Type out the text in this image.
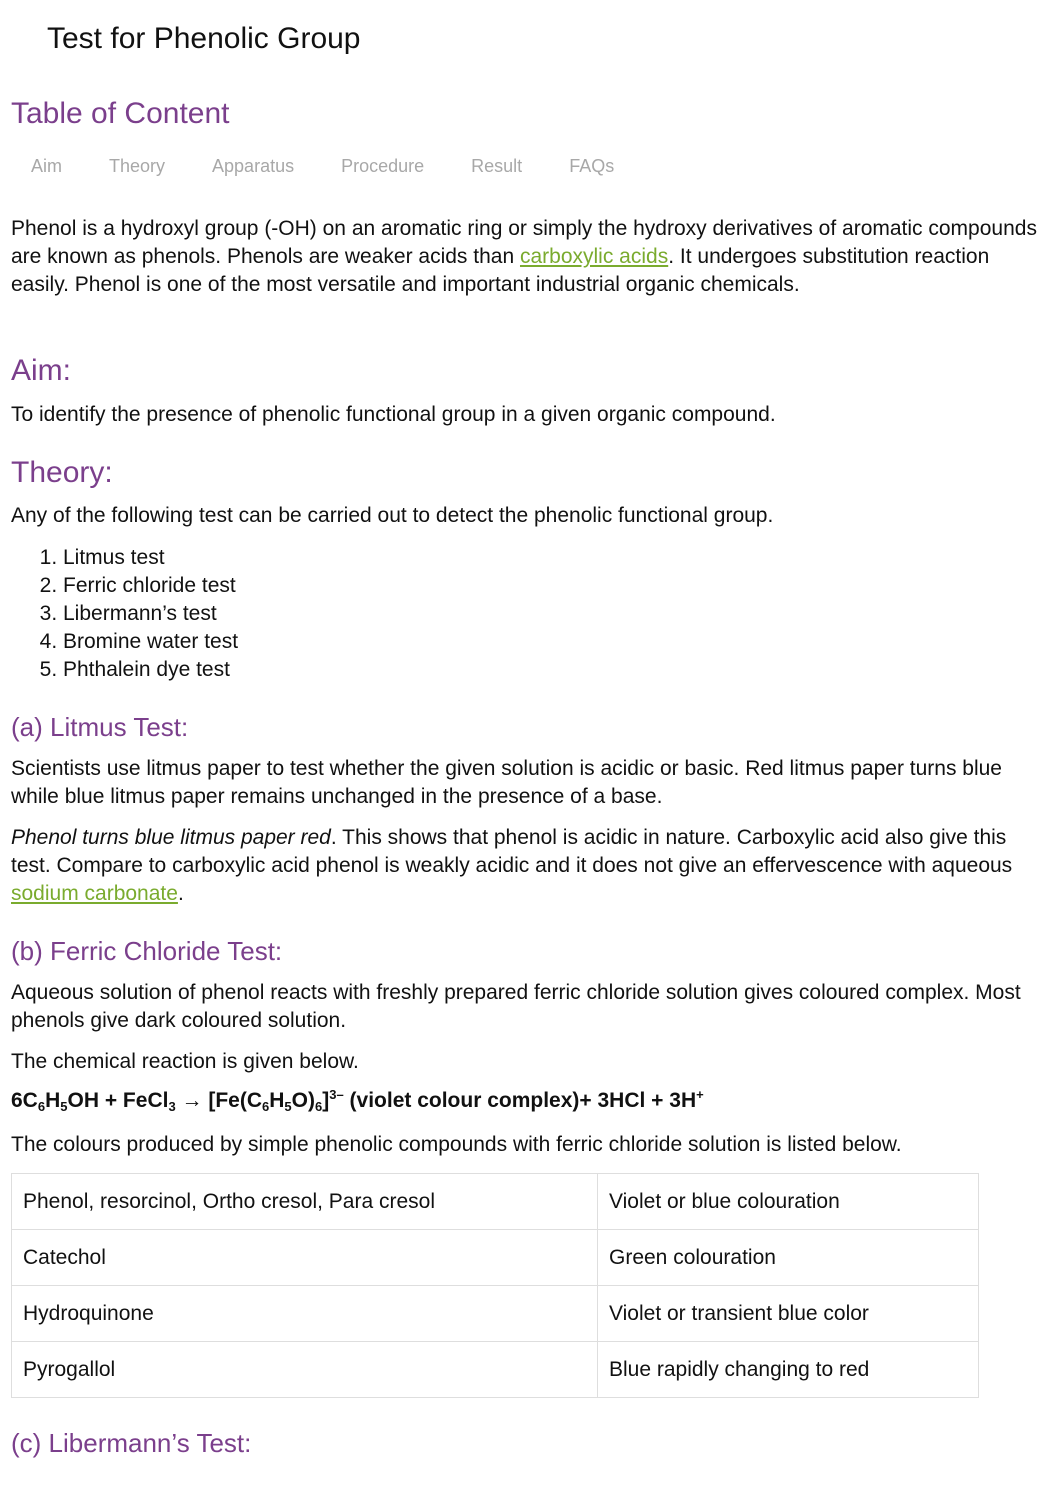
Test for Phenolic Group
Table of Content
Aim	Theory	Apparatus	Procedure	Result	FAQs

Phenol is a hydroxyl group (-OH) on an aromatic ring or simply the hydroxy derivatives of aromatic compounds are known as phenols. Phenols are weaker acids than carboxylic acids. It undergoes substitution reaction easily. Phenol is one of the most versatile and important industrial organic chemicals.

Aim:

To identify the presence of phenolic functional group in a given organic compound.

Theory:

Any of the following test can be carried out to detect the phenolic functional group.

1. Litmus test
2. Ferric chloride test
3. Libermann’s test
4. Bromine water test
5. Phthalein dye test
(a) Litmus Test:

Scientists use litmus paper to test whether the given solution is acidic or basic. Red litmus paper turns blue while blue litmus paper remains unchanged in the presence of a base.

Phenol turns blue litmus paper red. This shows that phenol is acidic in nature. Carboxylic acid also give this test. Compare to carboxylic acid phenol is weakly acidic and it does not give an effervescence with aqueous sodium carbonate.

(b) Ferric Chloride Test:

Aqueous solution of phenol reacts with freshly prepared ferric chloride solution gives coloured complex. Most phenols give dark coloured solution.

The chemical reaction is given below.

$6C_6H_5OH$ + FeCl$_3$ → $[Fe(C_6H_5O)_6]^{3-}$ (violet colour complex)+ 3HCl + 3H+

The colours produced by simple phenolic compounds with ferric chloride solution is listed below.

Phenol, resorcinol, Ortho cresol, Para cresol	Violet or blue colouration
Catechol	Green colouration
Hydroquinone	Violet or transient blue color
Pyrogallol	Blue rapidly changing to red
(c) Libermann’s Test:
